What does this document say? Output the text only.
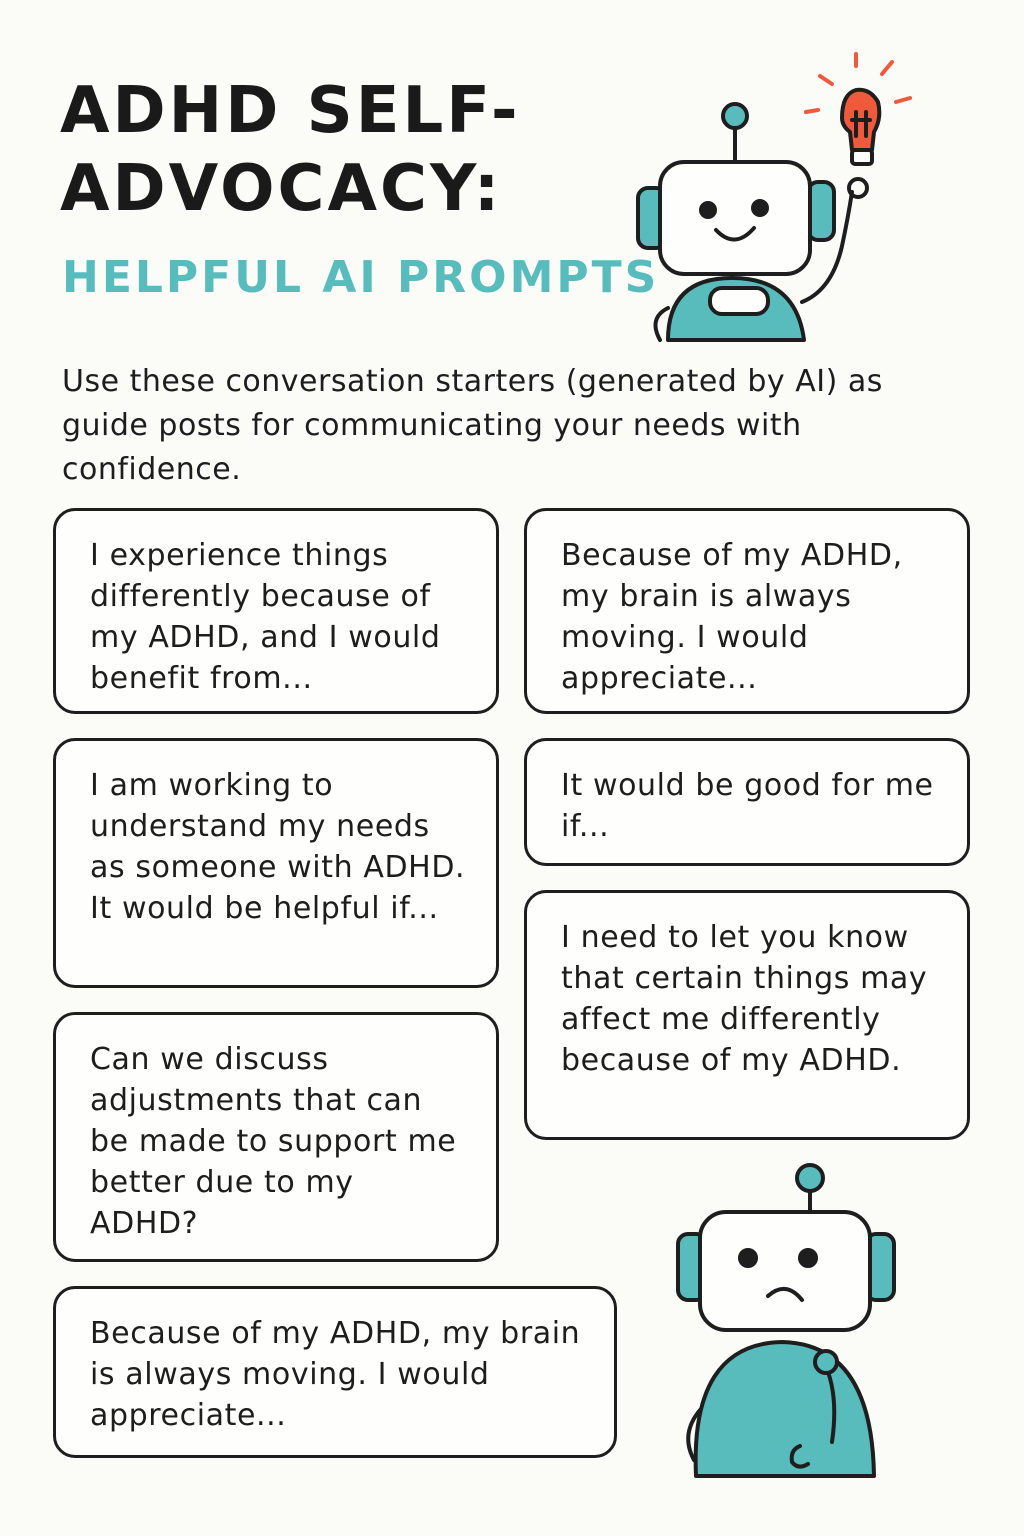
ADHD SELF-ADVOCACY:
HELPFUL AI PROMPTS

Use these conversation starters (generated by AI) as guide posts for communicating your needs with confidence.

I experience things differently because of my ADHD, and I would benefit from...
Because of my ADHD, my brain is always moving. I would appreciate...
I am working to understand my needs as someone with ADHD. It would be helpful if...
It would be good for me if...
I need to let you know that certain things may affect me differently because of my ADHD.
Can we discuss adjustments that can be made to support me better due to my ADHD?
Because of my ADHD, my brain is always moving. I would appreciate...
